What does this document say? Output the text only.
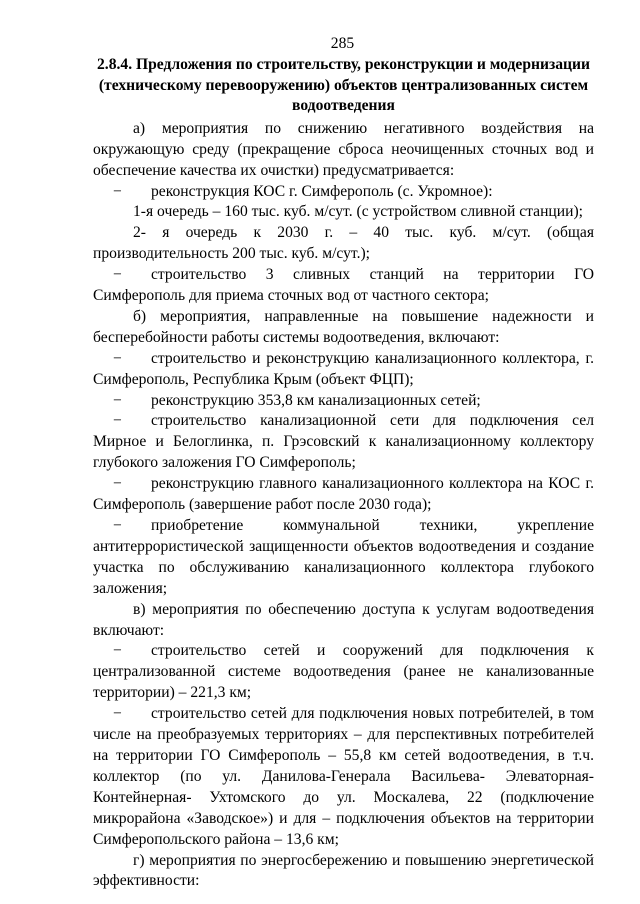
285
2.8.4. Предложения по строительству, реконструкции и модернизации (техническому перевооружению) объектов централизованных систем водоотведения

а) мероприятия по снижению негативного воздействия на окружающую среду (прекращение сброса неочищенных сточных вод и обеспечение качества их очистки) предусматривается:

− реконструкция КОС г. Симферополь (с. Укромное):

1-я очередь – 160 тыс. куб. м/сут. (с устройством сливной станции);

2- я очередь к 2030 г. – 40 тыс. куб. м/сут. (общая производительность 200 тыс. куб. м/сут.);

− строительство 3 сливных станций на территории ГО Симферополь для приема сточных вод от частного сектора;

б) мероприятия, направленные на повышение надежности и бесперебойности работы системы водоотведения, включают:

− строительство и реконструкцию канализационного коллектора, г. Симферополь, Республика Крым (объект ФЦП);

− реконструкцию 353,8 км канализационных сетей;

− строительство канализационной сети для подключения сел Мирное и Белоглинка, п. Грэсовский к канализационному коллектору глубокого заложения ГО Симферополь;

− реконструкцию главного канализационного коллектора на КОС г. Симферополь (завершение работ после 2030 года);

− приобретение коммунальной техники, укрепление антитеррористической защищенности объектов водоотведения и создание участка по обслуживанию канализационного коллектора глубокого заложения;

в) мероприятия по обеспечению доступа к услугам водоотведения включают:

− строительство сетей и сооружений для подключения к централизованной системе водоотведения (ранее не канализованные территории) – 221,3 км;

− строительство сетей для подключения новых потребителей, в том числе на преобразуемых территориях – для перспективных потребителей на территории ГО Симферополь – 55,8 км сетей водоотведения, в т.ч. коллектор (по ул. Данилова-Генерала Васильева- Элеваторная- Контейнерная- Ухтомского до ул. Москалева, 22 (подключение микрорайона «Заводское») и для – подключения объектов на территории Симферопольского района – 13,6 км;

г) мероприятия по энергосбережению и повышению энергетической эффективности:
